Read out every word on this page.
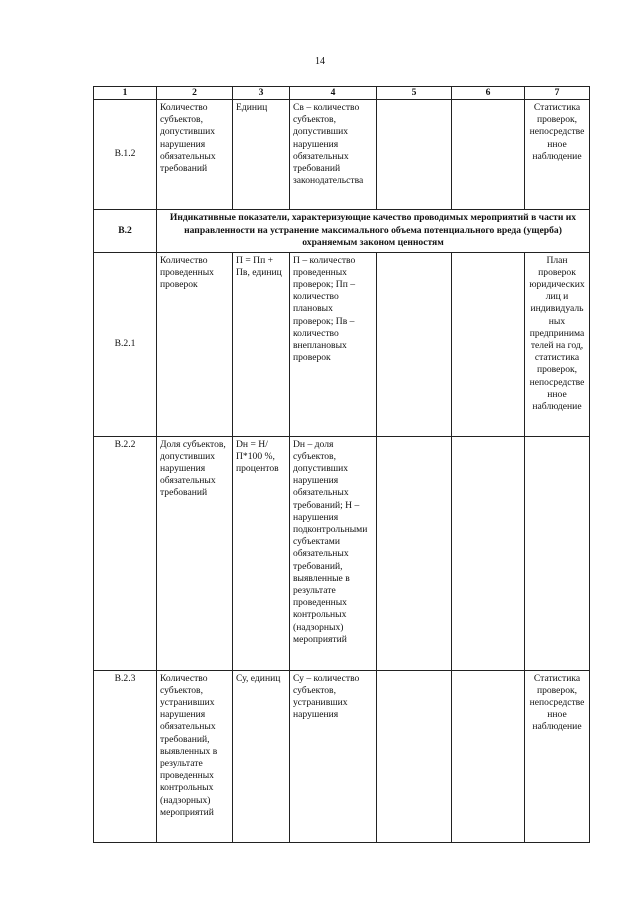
14
1	2	3	4	5	6	7
В.1.2	Количество субъектов, допустивших нарушения обязательных требований	Единиц	Св – количество субъектов, допустивших нарушения обязательных требований законодательства			Статистика проверок, непосредственное наблюдение
В.2	Индикативные показатели, характеризующие качество проводимых мероприятий в части их направленности на устранение максимального объема потенциального вреда (ущерба) охраняемым законом ценностям					
В.2.1	Количество проведенных проверок	П = Пп + Пв, единиц	П – количество проведенных проверок; Пп – количество плановых проверок; Пв – количество внеплановых проверок			План проверок юридических лиц и индивидуальных предпринимателей на год, статистика проверок, непосредственное наблюдение
В.2.2	Доля субъектов, допустивших нарушения обязательных требований	Dн = Н/П*100 %, процентов	Dн – доля субъектов, допустивших нарушения обязательных требований; Н – нарушения подконтрольными субъектами обязательных требований, выявленные в результате проведенных контрольных (надзорных) мероприятий			
В.2.3	Количество субъектов, устранивших нарушения обязательных требований, выявленных в результате проведенных контрольных (надзорных) мероприятий	Су, единиц	Су – количество субъектов, устранивших нарушения			Статистика проверок, непосредственное наблюдение
